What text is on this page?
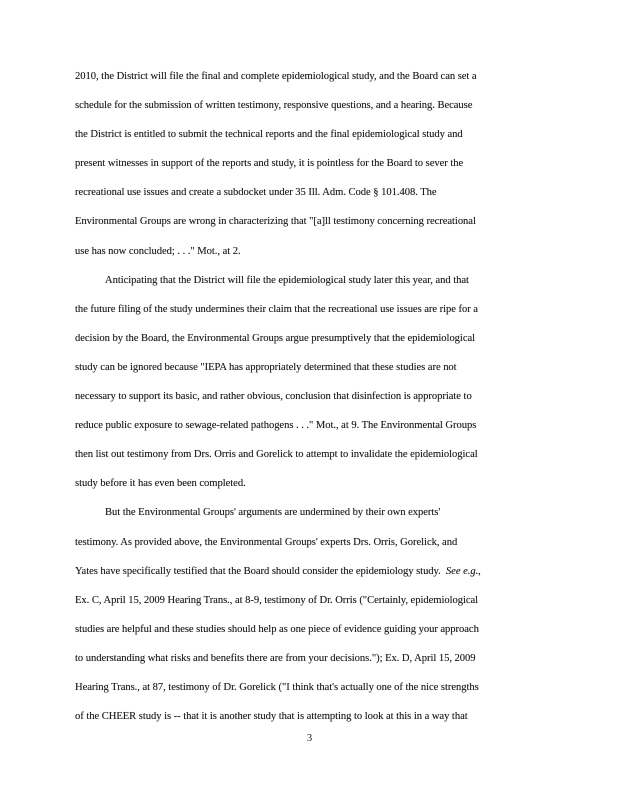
2010, the District will file the final and complete epidemiological study, and the Board can set a
schedule for the submission of written testimony, responsive questions, and a hearing. Because
the District is entitled to submit the technical reports and the final epidemiological study and
present witnesses in support of the reports and study, it is pointless for the Board to sever the
recreational use issues and create a subdocket under 35 Ill. Adm. Code § 101.408. The
Environmental Groups are wrong in characterizing that "[a]ll testimony concerning recreational
use has now concluded; . . ." Mot., at 2.
Anticipating that the District will file the epidemiological study later this year, and that
the future filing of the study undermines their claim that the recreational use issues are ripe for a
decision by the Board, the Environmental Groups argue presumptively that the epidemiological
study can be ignored because "IEPA has appropriately determined that these studies are not
necessary to support its basic, and rather obvious, conclusion that disinfection is appropriate to
reduce public exposure to sewage-related pathogens . . ." Mot., at 9. The Environmental Groups
then list out testimony from Drs. Orris and Gorelick to attempt to invalidate the epidemiological
study before it has even been completed.
But the Environmental Groups' arguments are undermined by their own experts'
testimony. As provided above, the Environmental Groups' experts Drs. Orris, Gorelick, and
Yates have specifically testified that the Board should consider the epidemiology study. See e.g.,
Ex. C, April 15, 2009 Hearing Trans., at 8-9, testimony of Dr. Orris ("Certainly, epidemiological
studies are helpful and these studies should help as one piece of evidence guiding your approach
to understanding what risks and benefits there are from your decisions."); Ex. D, April 15, 2009
Hearing Trans., at 87, testimony of Dr. Gorelick ("I think that's actually one of the nice strengths
of the CHEER study is -- that it is another study that is attempting to look at this in a way that
3
